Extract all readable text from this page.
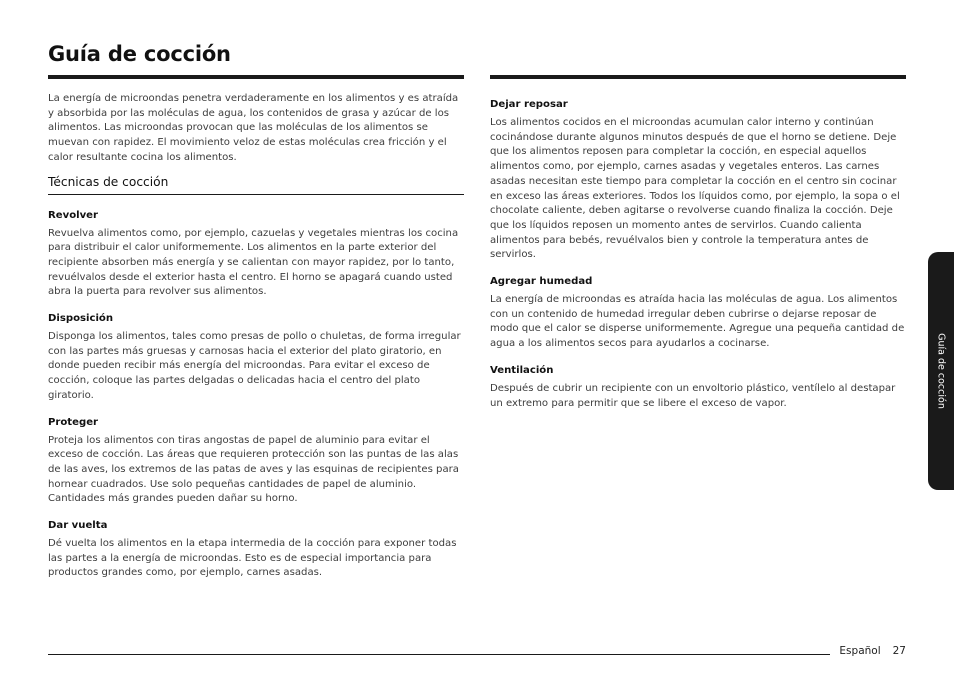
Guía de cocción

La energía de microondas penetra verdaderamente en los alimentos y es atraída y absorbida por las moléculas de agua, los contenidos de grasa y azúcar de los alimentos. Las microondas provocan que las moléculas de los alimentos se muevan con rapidez. El movimiento veloz de estas moléculas crea fricción y el calor resultante cocina los alimentos.

Técnicas de cocción
Revolver

Revuelva alimentos como, por ejemplo, cazuelas y vegetales mientras los cocina para distribuir el calor uniformemente. Los alimentos en la parte exterior del recipiente absorben más energía y se calientan con mayor rapidez, por lo tanto, revuélvalos desde el exterior hasta el centro. El horno se apagará cuando usted abra la puerta para revolver sus alimentos.

Disposición

Disponga los alimentos, tales como presas de pollo o chuletas, de forma irregular con las partes más gruesas y carnosas hacia el exterior del plato giratorio, en donde pueden recibir más energía del microondas. Para evitar el exceso de cocción, coloque las partes delgadas o delicadas hacia el centro del plato giratorio.

Proteger

Proteja los alimentos con tiras angostas de papel de aluminio para evitar el exceso de cocción. Las áreas que requieren protección son las puntas de las alas de las aves, los extremos de las patas de aves y las esquinas de recipientes para hornear cuadrados. Use solo pequeñas cantidades de papel de aluminio. Cantidades más grandes pueden dañar su horno.

Dar vuelta

Dé vuelta los alimentos en la etapa intermedia de la cocción para exponer todas las partes a la energía de microondas. Esto es de especial importancia para productos grandes como, por ejemplo, carnes asadas.

Dejar reposar

Los alimentos cocidos en el microondas acumulan calor interno y continúan cocinándose durante algunos minutos después de que el horno se detiene. Deje que los alimentos reposen para completar la cocción, en especial aquellos alimentos como, por ejemplo, carnes asadas y vegetales enteros. Las carnes asadas necesitan este tiempo para completar la cocción en el centro sin cocinar en exceso las áreas exteriores. Todos los líquidos como, por ejemplo, la sopa o el chocolate caliente, deben agitarse o revolverse cuando finaliza la cocción. Deje que los líquidos reposen un momento antes de servirlos. Cuando calienta alimentos para bebés, revuélvalos bien y controle la temperatura antes de servirlos.

Agregar humedad

La energía de microondas es atraída hacia las moléculas de agua. Los alimentos con un contenido de humedad irregular deben cubrirse o dejarse reposar de modo que el calor se disperse uniformemente. Agregue una pequeña cantidad de agua a los alimentos secos para ayudarlos a cocinarse.

Ventilación

Después de cubrir un recipiente con un envoltorio plástico, ventílelo al destapar un extremo para permitir que se libere el exceso de vapor.	Guía de cocción
Español 27
